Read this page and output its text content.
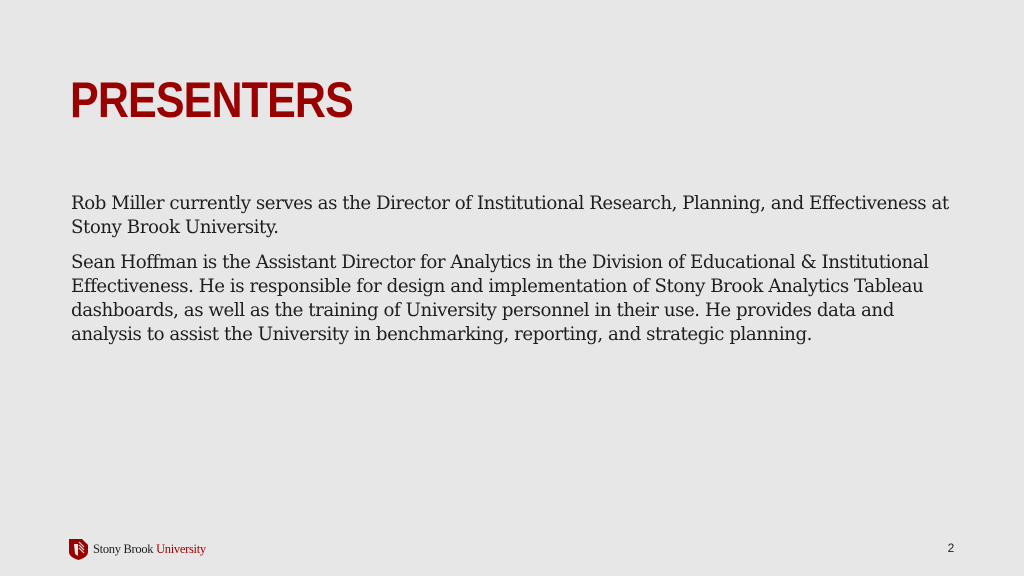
PRESENTERS

Rob Miller currently serves as the Director of Institutional Research, Planning, and Effectiveness at Stony Brook University.

Sean Hoffman is the Assistant Director for Analytics in the Division of Educational & Institutional Effectiveness. He is responsible for design and implementation of Stony Brook Analytics Tableau dashboards, as well as the training of University personnel in their use. He provides data and analysis to assist the University in benchmarking, reporting, and strategic planning.

Stony Brook University	2
